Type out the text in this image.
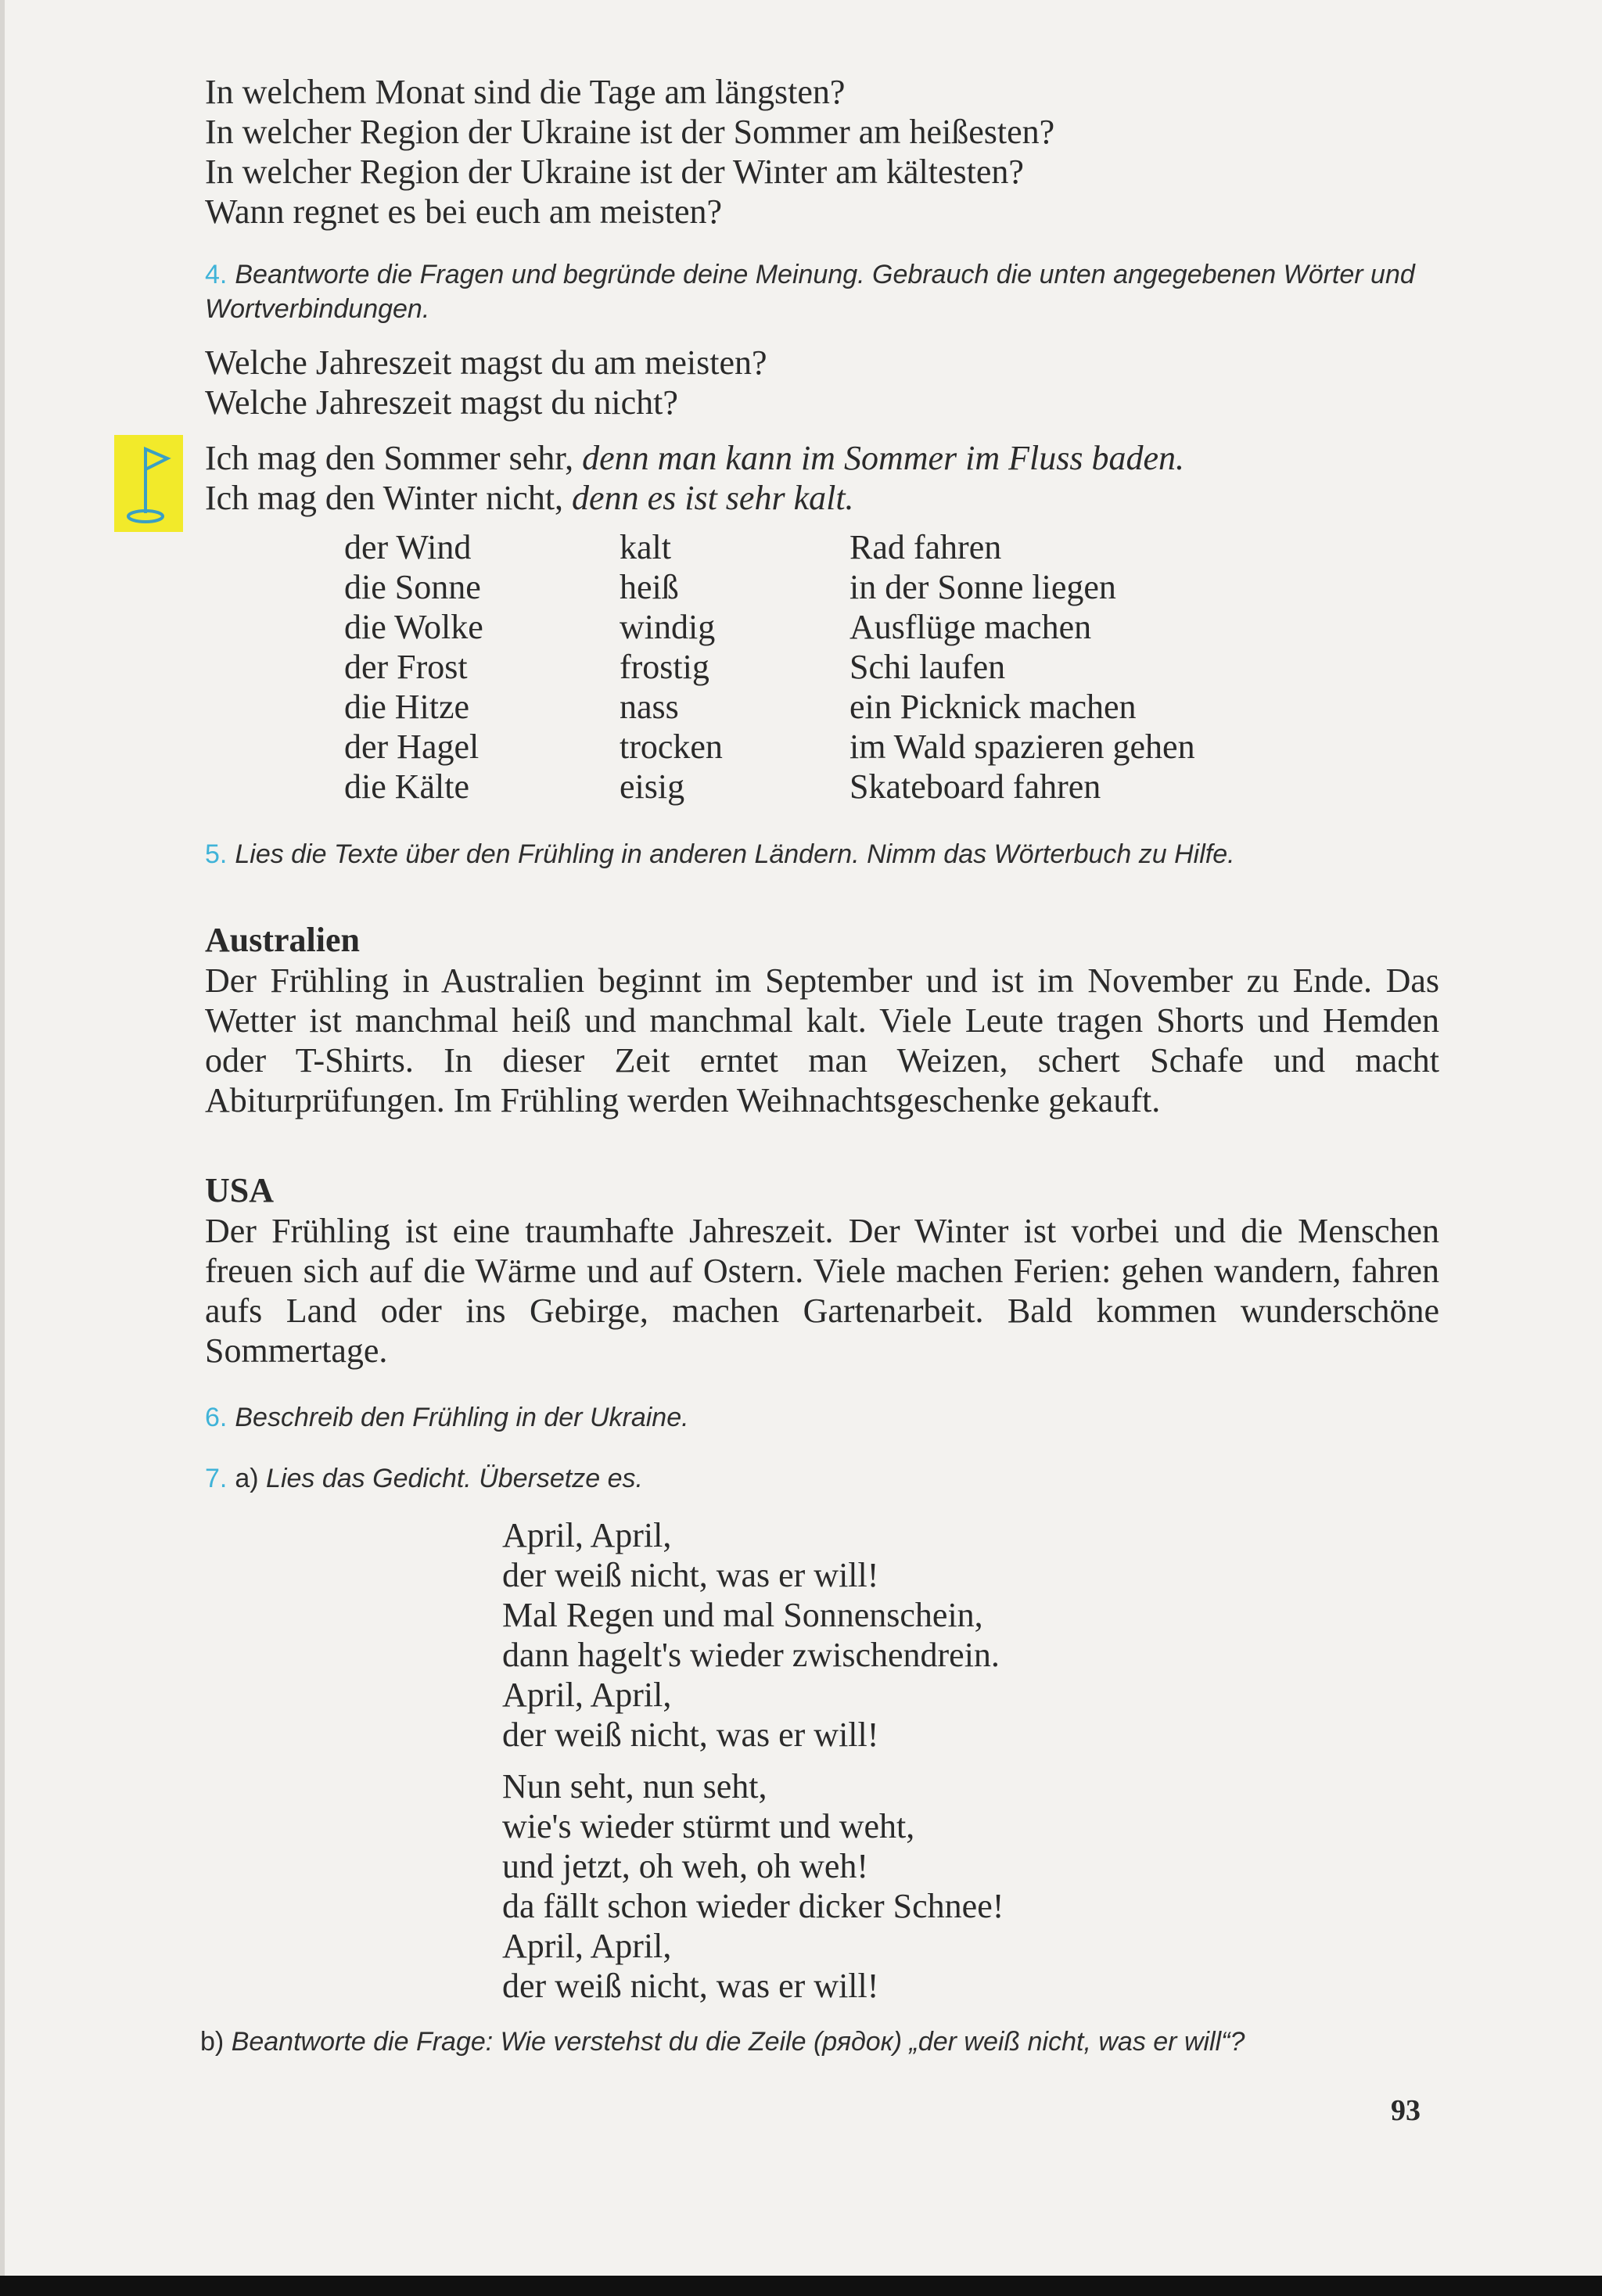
In welchem Monat sind die Tage am längsten?
In welcher Region der Ukraine ist der Sommer am heißesten?
In welcher Region der Ukraine ist der Winter am kältesten?
Wann regnet es bei euch am meisten?
4. Beantworte die Fragen und begründe deine Meinung. Gebrauch die unten angegebenen Wörter und Wortverbindungen.
Welche Jahreszeit magst du am meisten?
Welche Jahreszeit magst du nicht?
Ich mag den Sommer sehr, denn man kann im Sommer im Fluss baden.
Ich mag den Winter nicht, denn es ist sehr kalt.
der Wind
die Sonne
die Wolke
der Frost
die Hitze
der Hagel
die Kälte
kalt
heiß
windig
frostig
nass
trocken
eisig
Rad fahren
in der Sonne liegen
Ausflüge machen
Schi laufen
ein Picknick machen
im Wald spazieren gehen
Skateboard fahren
5. Lies die Texte über den Frühling in anderen Ländern. Nimm das Wörterbuch zu Hilfe.
Australien
Der Frühling in Australien beginnt im September und ist im November zu Ende. Das Wetter ist manchmal heiß und manchmal kalt. Viele Leute tragen Shorts und Hemden oder T-Shirts. In dieser Zeit erntet man Weizen, schert Schafe und macht Abiturprüfungen. Im Frühling werden Weihnachtsgeschenke gekauft.
USA
Der Frühling ist eine traumhafte Jahreszeit. Der Winter ist vorbei und die Menschen freuen sich auf die Wärme und auf Ostern. Viele machen Ferien: gehen wandern, fahren aufs Land oder ins Gebirge, machen Gartenarbeit. Bald kommen wunderschöne Sommertage.
6. Beschreib den Frühling in der Ukraine.
7. a) Lies das Gedicht. Übersetze es.
April, April,
der weiß nicht, was er will!
Mal Regen und mal Sonnenschein,
dann hagelt's wieder zwischendrein.
April, April,
der weiß nicht, was er will!
Nun seht, nun seht,
wie's wieder stürmt und weht,
und jetzt, oh weh, oh weh!
da fällt schon wieder dicker Schnee!
April, April,
der weiß nicht, was er will!
b) Beantworte die Frage: Wie verstehst du die Zeile (рядок) „der weiß nicht, was er will“?
93
